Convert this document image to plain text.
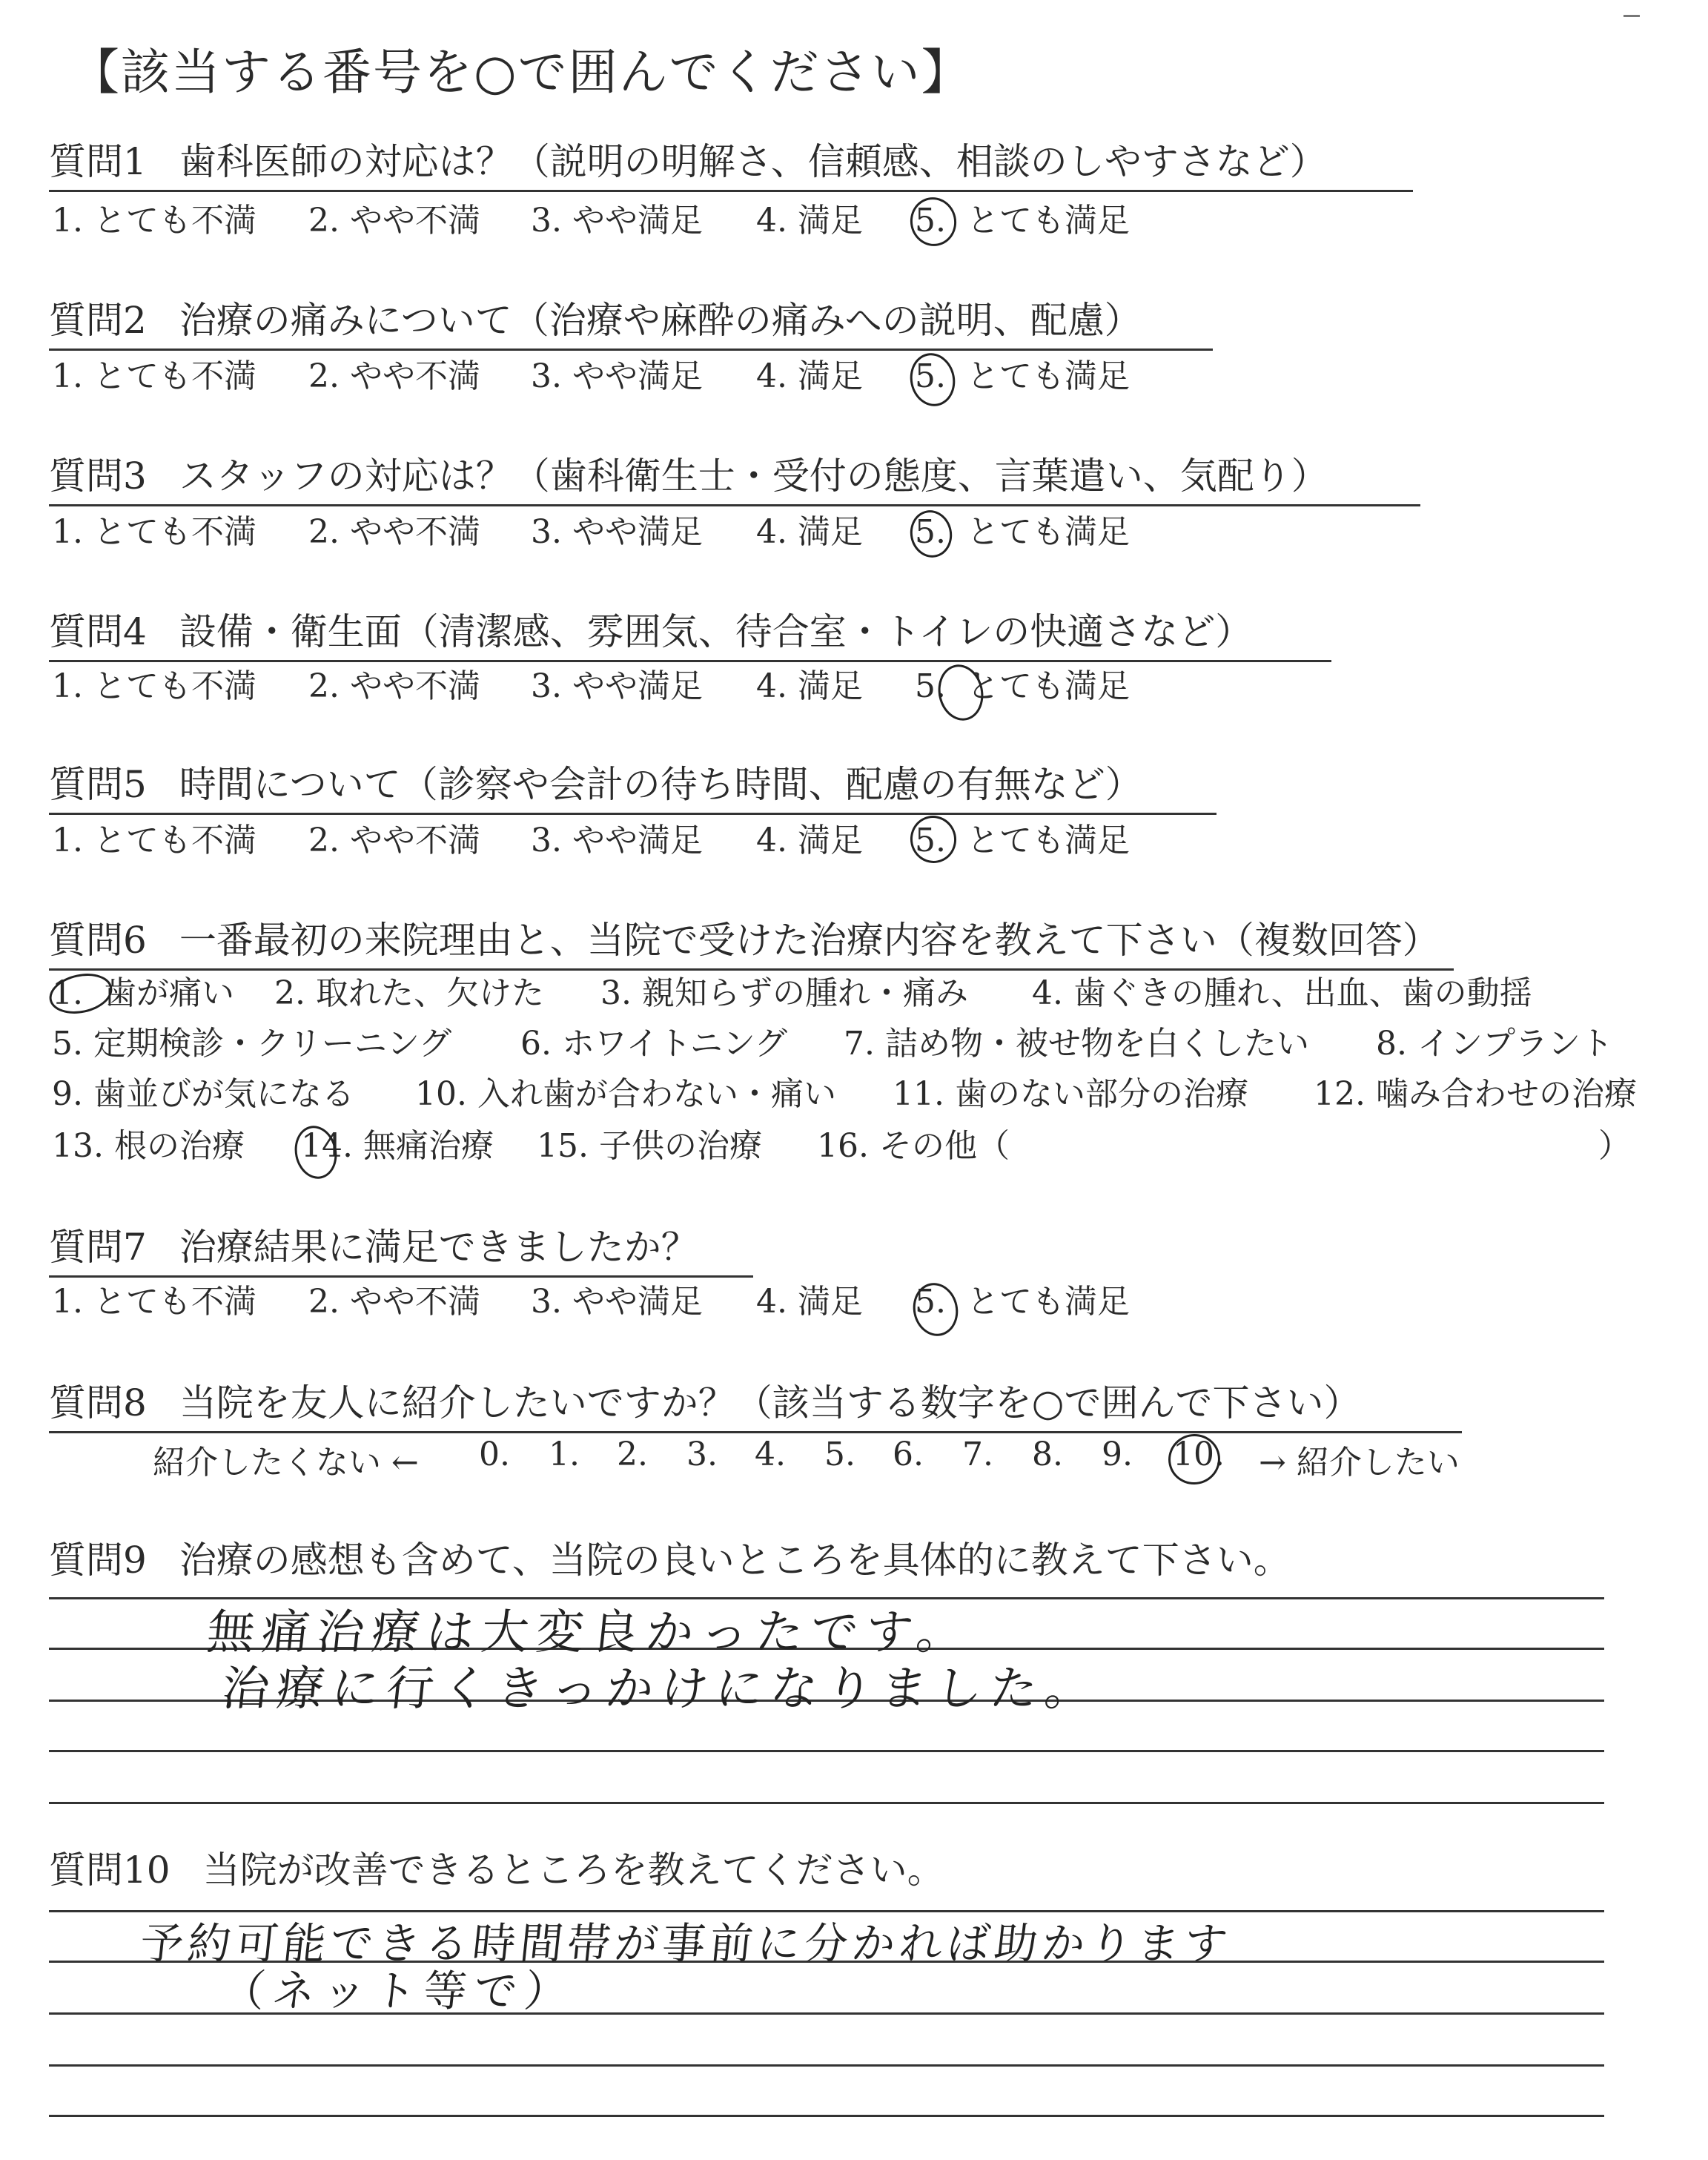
【該当する番号を○で囲んでください】
質問1 歯科医師の対応は？（説明の明解さ、信頼感、相談のしやすさなど）
1. とても不満 2. やや不満 3. やや満足 4. 満足 5. とても満足
質問2 治療の痛みについて（治療や麻酔の痛みへの説明、配慮）
1. とても不満 2. やや不満 3. やや満足 4. 満足 5. とても満足
質問3 スタッフの対応は？（歯科衛生士・受付の態度、言葉遣い、気配り）
1. とても不満 2. やや不満 3. やや満足 4. 満足 5. とても満足
質問4 設備・衛生面（清潔感、雰囲気、待合室・トイレの快適さなど）
1. とても不満 2. やや不満 3. やや満足 4. 満足 5. とても満足
質問5 時間について（診察や会計の待ち時間、配慮の有無など）
1. とても不満 2. やや不満 3. やや満足 4. 満足 5. とても満足
質問6 一番最初の来院理由と、当院で受けた治療内容を教えて下さい（複数回答）
1. 歯が痛い 2. 取れた、欠けた 3. 親知らずの腫れ・痛み 4. 歯ぐきの腫れ、出血、歯の動揺
5. 定期検診・クリーニング 6. ホワイトニング 7. 詰め物・被せ物を白くしたい 8. インプラント
9. 歯並びが気になる 10. 入れ歯が合わない・痛い 11. 歯のない部分の治療 12. 噛み合わせの治療
13. 根の治療 14. 無痛治療 15. 子供の治療 16. その他（	）
質問7 治療結果に満足できましたか？
1. とても不満 2. やや不満 3. やや満足 4. 満足 5. とても満足
質問8 当院を友人に紹介したいですか？（該当する数字を○で囲んで下さい）
紹介したくない ← 0. 1. 2. 3. 4. 5. 6. 7. 8. 9. 10. → 紹介したい
質問9 治療の感想も含めて、当院の良いところを具体的に教えて下さい。
無痛治療は大変良かったです。
治療に行くきっかけになりました。
質問10 当院が改善できるところを教えてください。
予約可能できる時間帯が事前に分かれば助かります
（ネット等で）
